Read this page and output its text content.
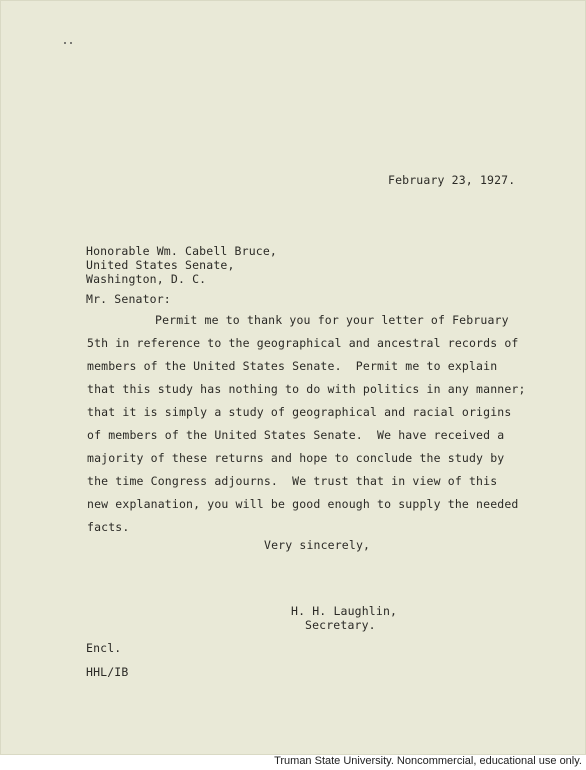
February 23, 1927.
Honorable Wm. Cabell Bruce,
United States Senate,
Washington, D. C.
Mr. Senator:
Permit me to thank you for your letter of February
5th in reference to the geographical and ancestral records of
members of the United States Senate.  Permit me to explain
that this study has nothing to do with politics in any manner;
that it is simply a study of geographical and racial origins
of members of the United States Senate.  We have received a
majority of these returns and hope to conclude the study by
the time Congress adjourns.  We trust that in view of this
new explanation, you will be good enough to supply the needed
facts.
Very sincerely,
H. H. Laughlin,
Secretary.
Encl.
HHL/IB
Truman State University. Noncommercial, educational use only.
